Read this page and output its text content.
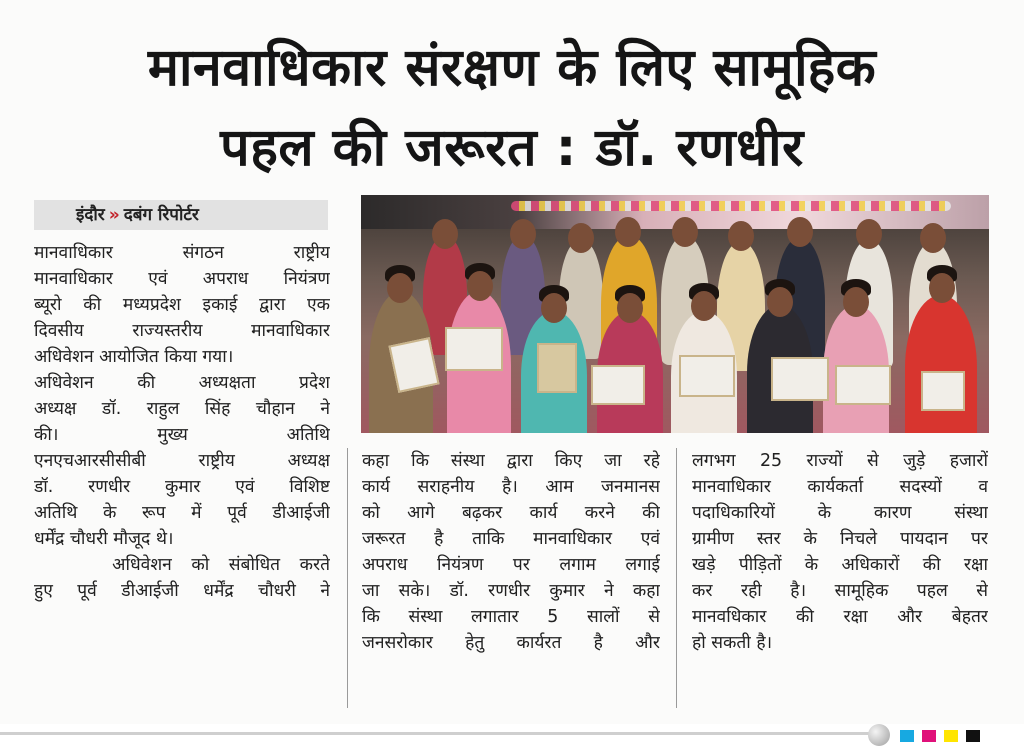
मानवाधिकार संरक्षण के लिए सामूहिक
पहल की जरूरत : डॉ. रणधीर
इंदौर » दबंग रिपोर्टर
मानवाधिकार संगठन राष्ट्रीय
मानवाधिकार एवं अपराध नियंत्रण
ब्यूरो की मध्यप्रदेश इकाई द्वारा एक
दिवसीय राज्यस्तरीय मानवाधिकार
अधिवेशन आयोजित किया गया।
अधिवेशन की अध्यक्षता प्रदेश
अध्यक्ष डॉ. राहुल सिंह चौहान ने
की। मुख्य अतिथि
एनएचआरसीसीबी राष्ट्रीय अध्यक्ष
डॉ. रणधीर कुमार एवं विशिष्ट
अतिथि के रूप में पूर्व डीआईजी
धर्मेंद्र चौधरी मौजूद थे।
अधिवेशन को संबोधित करते
हुए पूर्व डीआईजी धर्मेंद्र चौधरी ने
कहा कि संस्था द्वारा किए जा रहे
कार्य सराहनीय है। आम जनमानस
को आगे बढ़कर कार्य करने की
जरूरत है ताकि मानवाधिकार एवं
अपराध नियंत्रण पर लगाम लगाई
जा सके। डॉ. रणधीर कुमार ने कहा
कि संस्था लगातार 5 सालों से
जनसरोकार हेतु कार्यरत है और
लगभग 25 राज्यों से जुड़े हजारों
मानवाधिकार कार्यकर्ता सदस्यों व
पदाधिकारियों के कारण संस्था
ग्रामीण स्तर के निचले पायदान पर
खड़े पीड़ितों के अधिकारों की रक्षा
कर रही है। सामूहिक पहल से
मानवधिकार की रक्षा और बेहतर
हो सकती है।
